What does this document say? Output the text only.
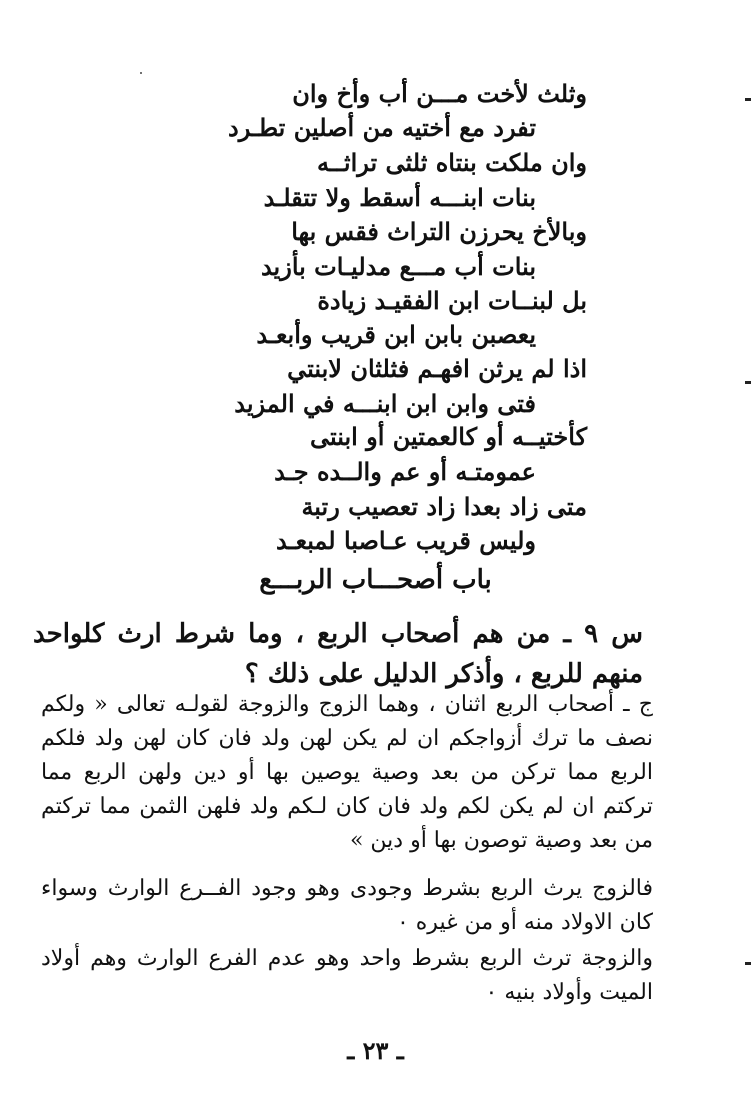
وثلث لأخت مـــن أب وأخ وان
تفرد مع أختيه من أصلين تطـرد
وان ملكت بنتاه ثلثى تراثــه
بنات ابنـــه أسقط ولا تتقلـد
وبالأخ يحرزن التراث فقس بها
بنات أب مـــع مدليـات بأزيد
بل لبنــات ابن الفقيـد زيادة
يعصبن بابن ابن قريب وأبعـد
اذا لم يرثن افهـم فثلثان لابنتي
فتى وابن ابن ابنـــه في المزيد
كأختيــه أو كالعمتين أو ابنتى
عمومتـه أو عم والــده جـد
متى زاد بعدا زاد تعصيب رتبة
وليس قريب عـاصبا لمبعـد
باب أصحـــاب الربـــع
س ٩ ـ من هم أصحاب الربع ، وما شرط ارث كلواحد منهم للربع ، وأذكر الدليل على ذلك ؟
ج ـ أصحاب الربع اثنان ، وهما الزوج والزوجة لقولـه تعالى « ولكم نصف ما ترك أزواجكم ان لم يكن لهن ولد فان كان لهن ولد فلكم الربع مما تركن من بعد وصية يوصين بها أو دين ولهن الربع مما تركتم ان لم يكن لكم ولد فان كان لـكم ولد فلهن الثمن مما تركتم من بعد وصية توصون بها أو دين »
فالزوج يرث الربع بشرط وجودى وهو وجود الفــرع الوارث وسواء كان الاولاد منه أو من غيره ٠
والزوجة ترث الربع بشرط واحد وهو عدم الفرع الوارث وهم أولاد الميت وأولاد بنيه ٠
ـ ٢٣ ـ
